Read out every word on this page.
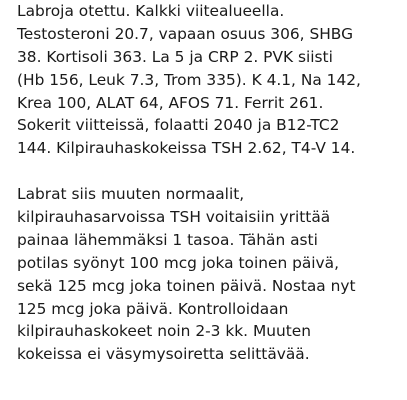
Labroja otettu. Kalkki viitealueella.
Testosteroni 20.7, vapaan osuus 306, SHBG
38. Kortisoli 363. La 5 ja CRP 2. PVK siisti
(Hb 156, Leuk 7.3, Trom 335). K 4.1, Na 142,
Krea 100, ALAT 64, AFOS 71. Ferrit 261.
Sokerit viitteissä, folaatti 2040 ja B12-TC2
144. Kilpirauhaskokeissa TSH 2.62, T4-V 14.
Labrat siis muuten normaalit,
kilpirauhasarvoissa TSH voitaisiin yrittää
painaa lähemmäksi 1 tasoa. Tähän asti
potilas syönyt 100 mcg joka toinen päivä,
sekä 125 mcg joka toinen päivä. Nostaa nyt
125 mcg joka päivä. Kontrolloidaan
kilpirauhaskokeet noin 2-3 kk. Muuten
kokeissa ei väsymysoiretta selittävää.
